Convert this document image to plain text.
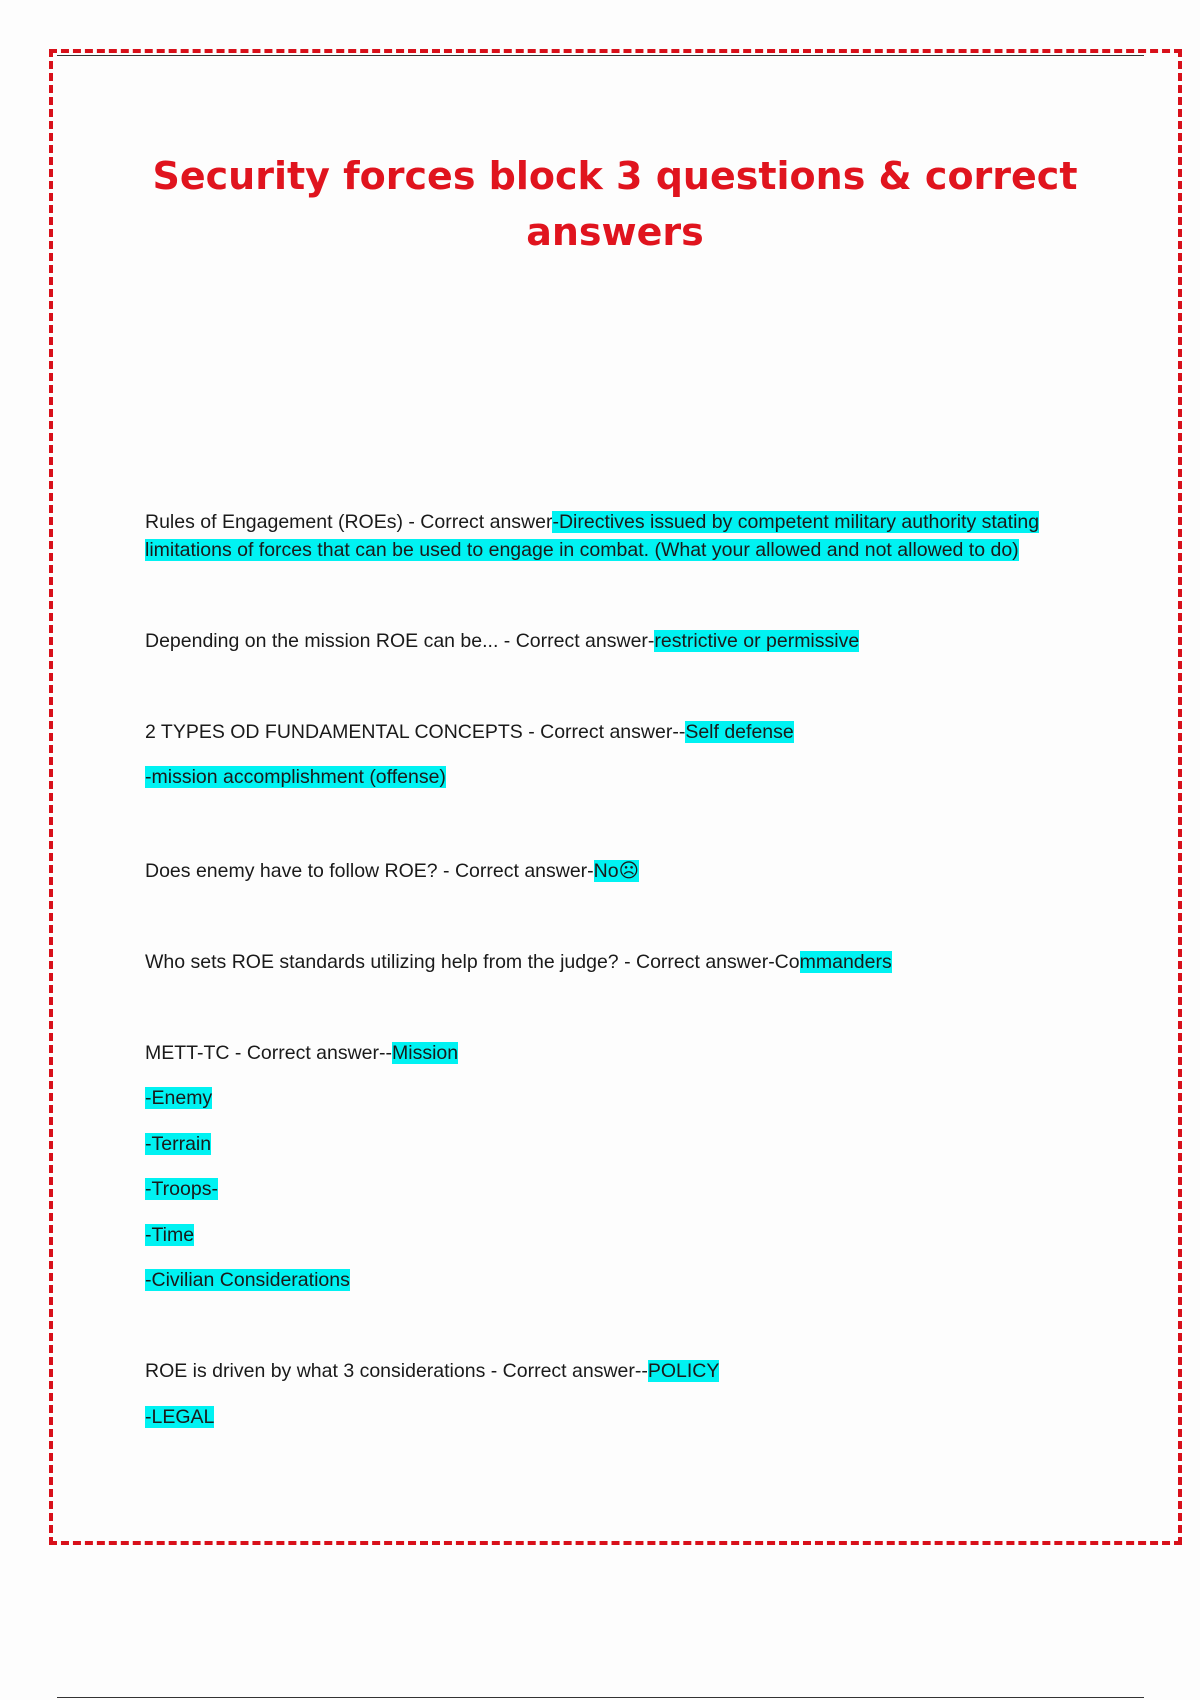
Security forces block 3 questions & correct answers

Rules of Engagement (ROEs) - Correct answer-Directives issued by competent military authority stating limitations of forces that can be used to engage in combat. (What your allowed and not allowed to do)

Depending on the mission ROE can be... - Correct answer-restrictive or permissive

2 TYPES OD FUNDAMENTAL CONCEPTS - Correct answer--Self defense

-mission accomplishment (offense)

Does enemy have to follow ROE? - Correct answer-No☹

Who sets ROE standards utilizing help from the judge? - Correct answer-Commanders

METT-TC - Correct answer--Mission

-Enemy

-Terrain

-Troops-

-Time

-Civilian Considerations

ROE is driven by what 3 considerations - Correct answer--POLICY

-LEGAL
